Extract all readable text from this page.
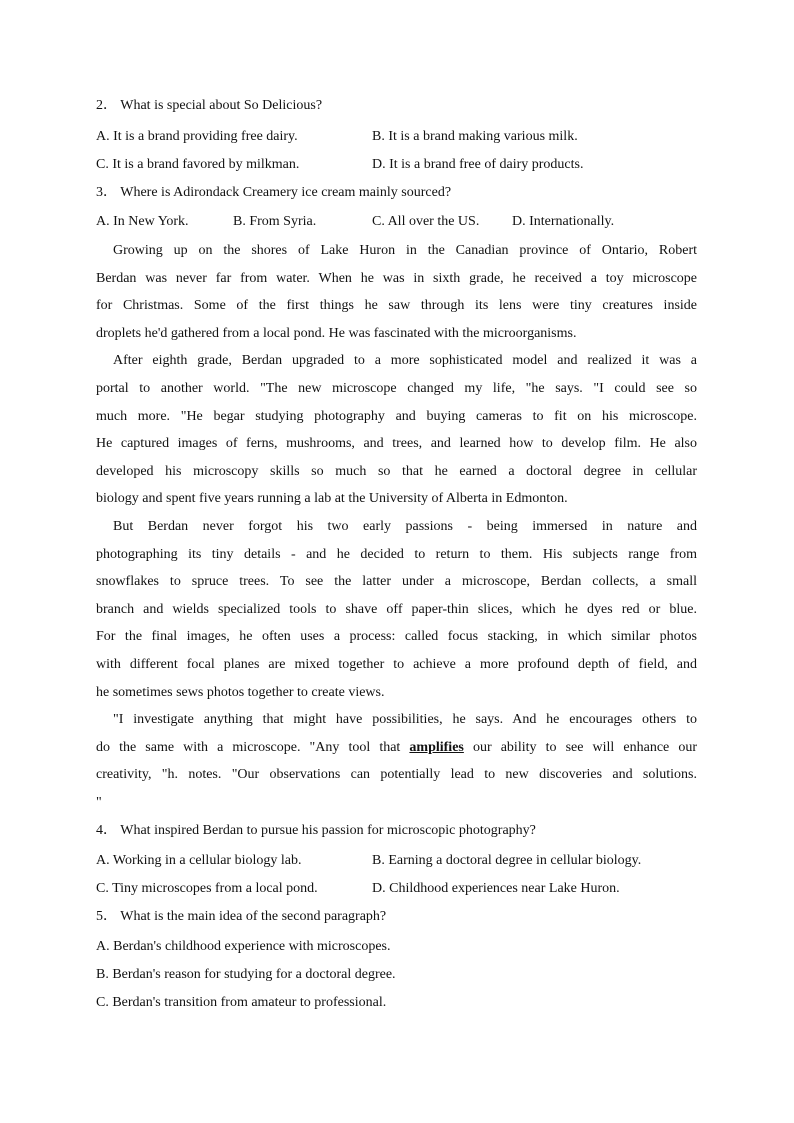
2． What is special about So Delicious?
A. It is a brand providing free dairy.	B. It is a brand making various milk.
C. It is a brand favored by milkman.	D. It is a brand free of dairy products.
3． Where is Adirondack Creamery ice cream mainly sourced?
A. In New York.	B. From Syria.	C. All over the US. D. Internationally.
Growing up on the shores of Lake Huron in the Canadian province of Ontario, Robert
Berdan was never far from water. When he was in sixth grade, he received a toy microscope
for Christmas. Some of the first things he saw through its lens were tiny creatures inside
droplets he'd gathered from a local pond. He was fascinated with the microorganisms.
After eighth grade, Berdan upgraded to a more sophisticated model and realized it was a
portal to another world. "The new microscope changed my life, "he says. "I could see so
much more. "He begar studying photography and buying cameras to fit on his microscope.
He captured images of ferns, mushrooms, and trees, and learned how to develop film. He also
developed his microscopy skills so much so that he earned a doctoral degree in cellular
biology and spent five years running a lab at the University of Alberta in Edmonton.
But Berdan never forgot his two early passions - being immersed in nature and
photographing its tiny details - and he decided to return to them. His subjects range from
snowflakes to spruce trees. To see the latter under a microscope, Berdan collects, a small
branch and wields specialized tools to shave off paper-thin slices, which he dyes red or blue.
For the final images, he often uses a process: called focus stacking, in which similar photos
with different focal planes are mixed together to achieve a more profound depth of field, and
he sometimes sews photos together to create views.
"I investigate anything that might have possibilities, he says. And he encourages others to
do the same with a microscope. "Any tool that amplifies our ability to see will enhance our
creativity, "h. notes. "Our observations can potentially lead to new discoveries and solutions.
"
4． What inspired Berdan to pursue his passion for microscopic photography?
A. Working in a cellular biology lab.	B. Earning a doctoral degree in cellular biology.
C. Tiny microscopes from a local pond.	D. Childhood experiences near Lake Huron.
5． What is the main idea of the second paragraph?
A. Berdan's childhood experience with microscopes.
B. Berdan's reason for studying for a doctoral degree.
C. Berdan's transition from amateur to professional.
